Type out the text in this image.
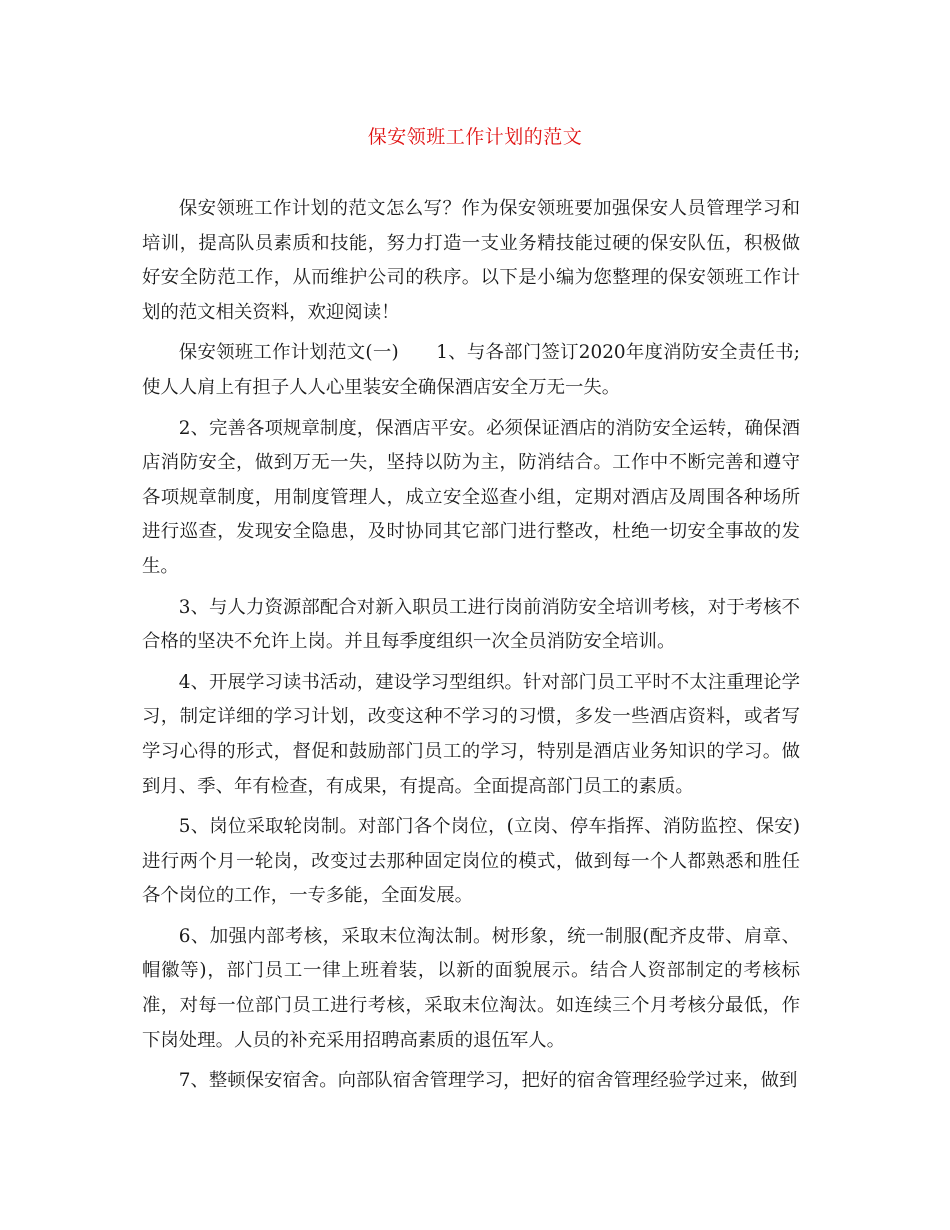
保安领班工作计划的范文

保安领班工作计划的范文怎么写？作为保安领班要加强保安人员管理学习和培训，提高队员素质和技能，努力打造一支业务精技能过硬的保安队伍，积极做好安全防范工作，从而维护公司的秩序。以下是小编为您整理的保安领班工作计划的范文相关资料，欢迎阅读！

保安领班工作计划范文(一)　　1、与各部门签订2020年度消防安全责任书;使人人肩上有担子人人心里装安全确保酒店安全万无一失。

2、完善各项规章制度，保酒店平安。必须保证酒店的消防安全运转，确保酒店消防安全，做到万无一失，坚持以防为主，防消结合。工作中不断完善和遵守各项规章制度，用制度管理人，成立安全巡查小组，定期对酒店及周围各种场所进行巡查，发现安全隐患，及时协同其它部门进行整改，杜绝一切安全事故的发生。

3、与人力资源部配合对新入职员工进行岗前消防安全培训考核，对于考核不合格的坚决不允许上岗。并且每季度组织一次全员消防安全培训。

4、开展学习读书活动，建设学习型组织。针对部门员工平时不太注重理论学习，制定详细的学习计划，改变这种不学习的习惯，多发一些酒店资料，或者写学习心得的形式，督促和鼓励部门员工的学习，特别是酒店业务知识的学习。做到月、季、年有检查，有成果，有提高。全面提高部门员工的素质。

5、岗位采取轮岗制。对部门各个岗位，(立岗、停车指挥、消防监控、保安)进行两个月一轮岗，改变过去那种固定岗位的模式，做到每一个人都熟悉和胜任各个岗位的工作，一专多能，全面发展。

6、加强内部考核，采取末位淘汰制。树形象，统一制服(配齐皮带、肩章、帽徽等)，部门员工一律上班着装，以新的面貌展示。结合人资部制定的考核标准，对每一位部门员工进行考核，采取末位淘汰。如连续三个月考核分最低，作下岗处理。人员的补充采用招聘高素质的退伍军人。

7、整顿保安宿舍。向部队宿舍管理学习，把好的宿舍管理经验学过来，做到
